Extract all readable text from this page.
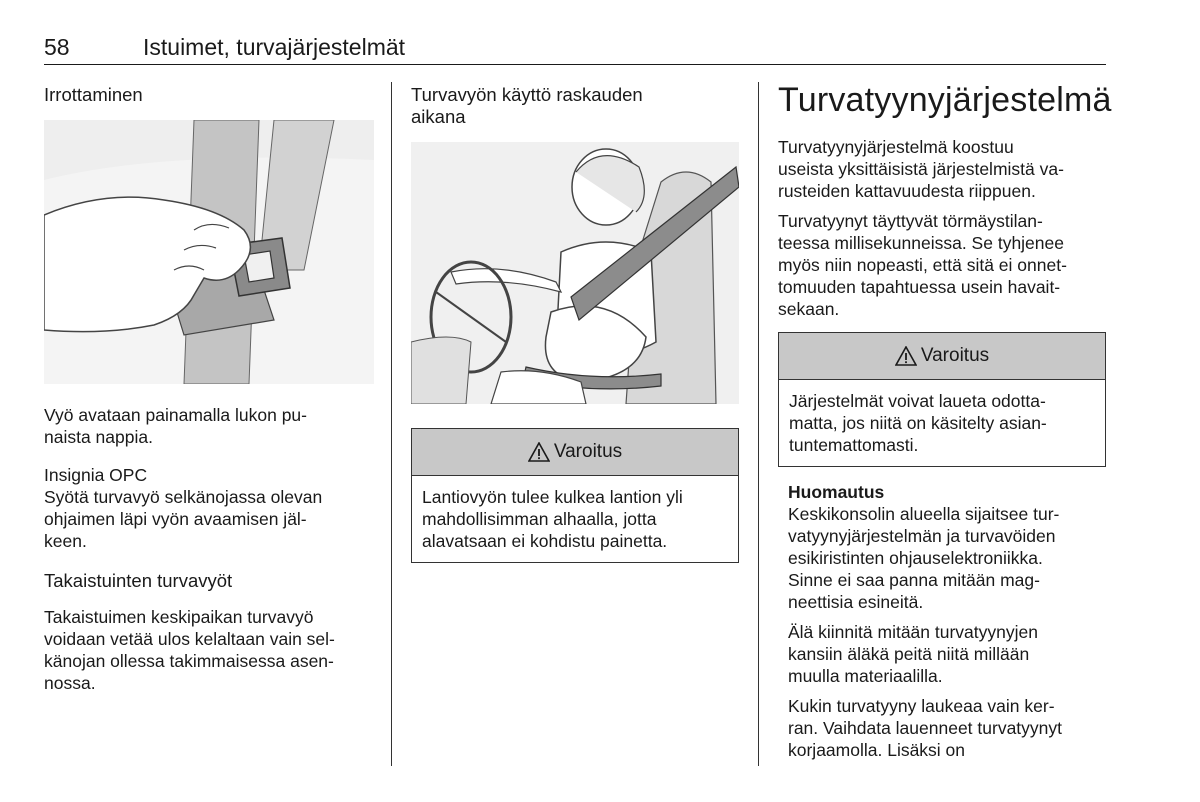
58	Istuimet, turvajärjestelmät
Irrottaminen

Vyö avataan painamalla lukon pu-
naista nappia.

Insignia OPC

Syötä turvavyö selkänojassa olevan
ohjaimen läpi vyön avaamisen jäl-
keen.

Takaistuinten turvavyöt

Takaistuimen keskipaikan turvavyö
voidaan vetää ulos kelaltaan vain sel-
känojan ollessa takimmaisessa asen-
nossa.

Turvavyön käyttö raskauden
aikana
Varoitus
Lantiovyön tulee kulkea lantion yli
mahdollisimman alhaalla, jotta
alavatsaan ei kohdistu painetta.
Turvatyynyjärjestelmä

Turvatyynyjärjestelmä koostuu
useista yksittäisistä järjestelmistä va-
rusteiden kattavuudesta riippuen.

Turvatyynyt täyttyvät törmäystilan-
teessa millisekunneissa. Se tyhjenee
myös niin nopeasti, että sitä ei onnet-
tomuuden tapahtuessa usein havait-
sekaan.

Varoitus
Järjestelmät voivat laueta odotta-
matta, jos niitä on käsitelty asian-
tuntemattomasti.
Huomautus

Keskikonsolin alueella sijaitsee tur-
vatyynyjärjestelmän ja turvavöiden
esikiristinten ohjauselektroniikka.
Sinne ei saa panna mitään mag-
neettisia esineitä.

Älä kiinnitä mitään turvatyynyjen
kansiin äläkä peitä niitä millään
muulla materiaalilla.

Kukin turvatyyny laukeaa vain ker-
ran. Vaihdata lauenneet turvatyynyt
korjaamolla. Lisäksi on
